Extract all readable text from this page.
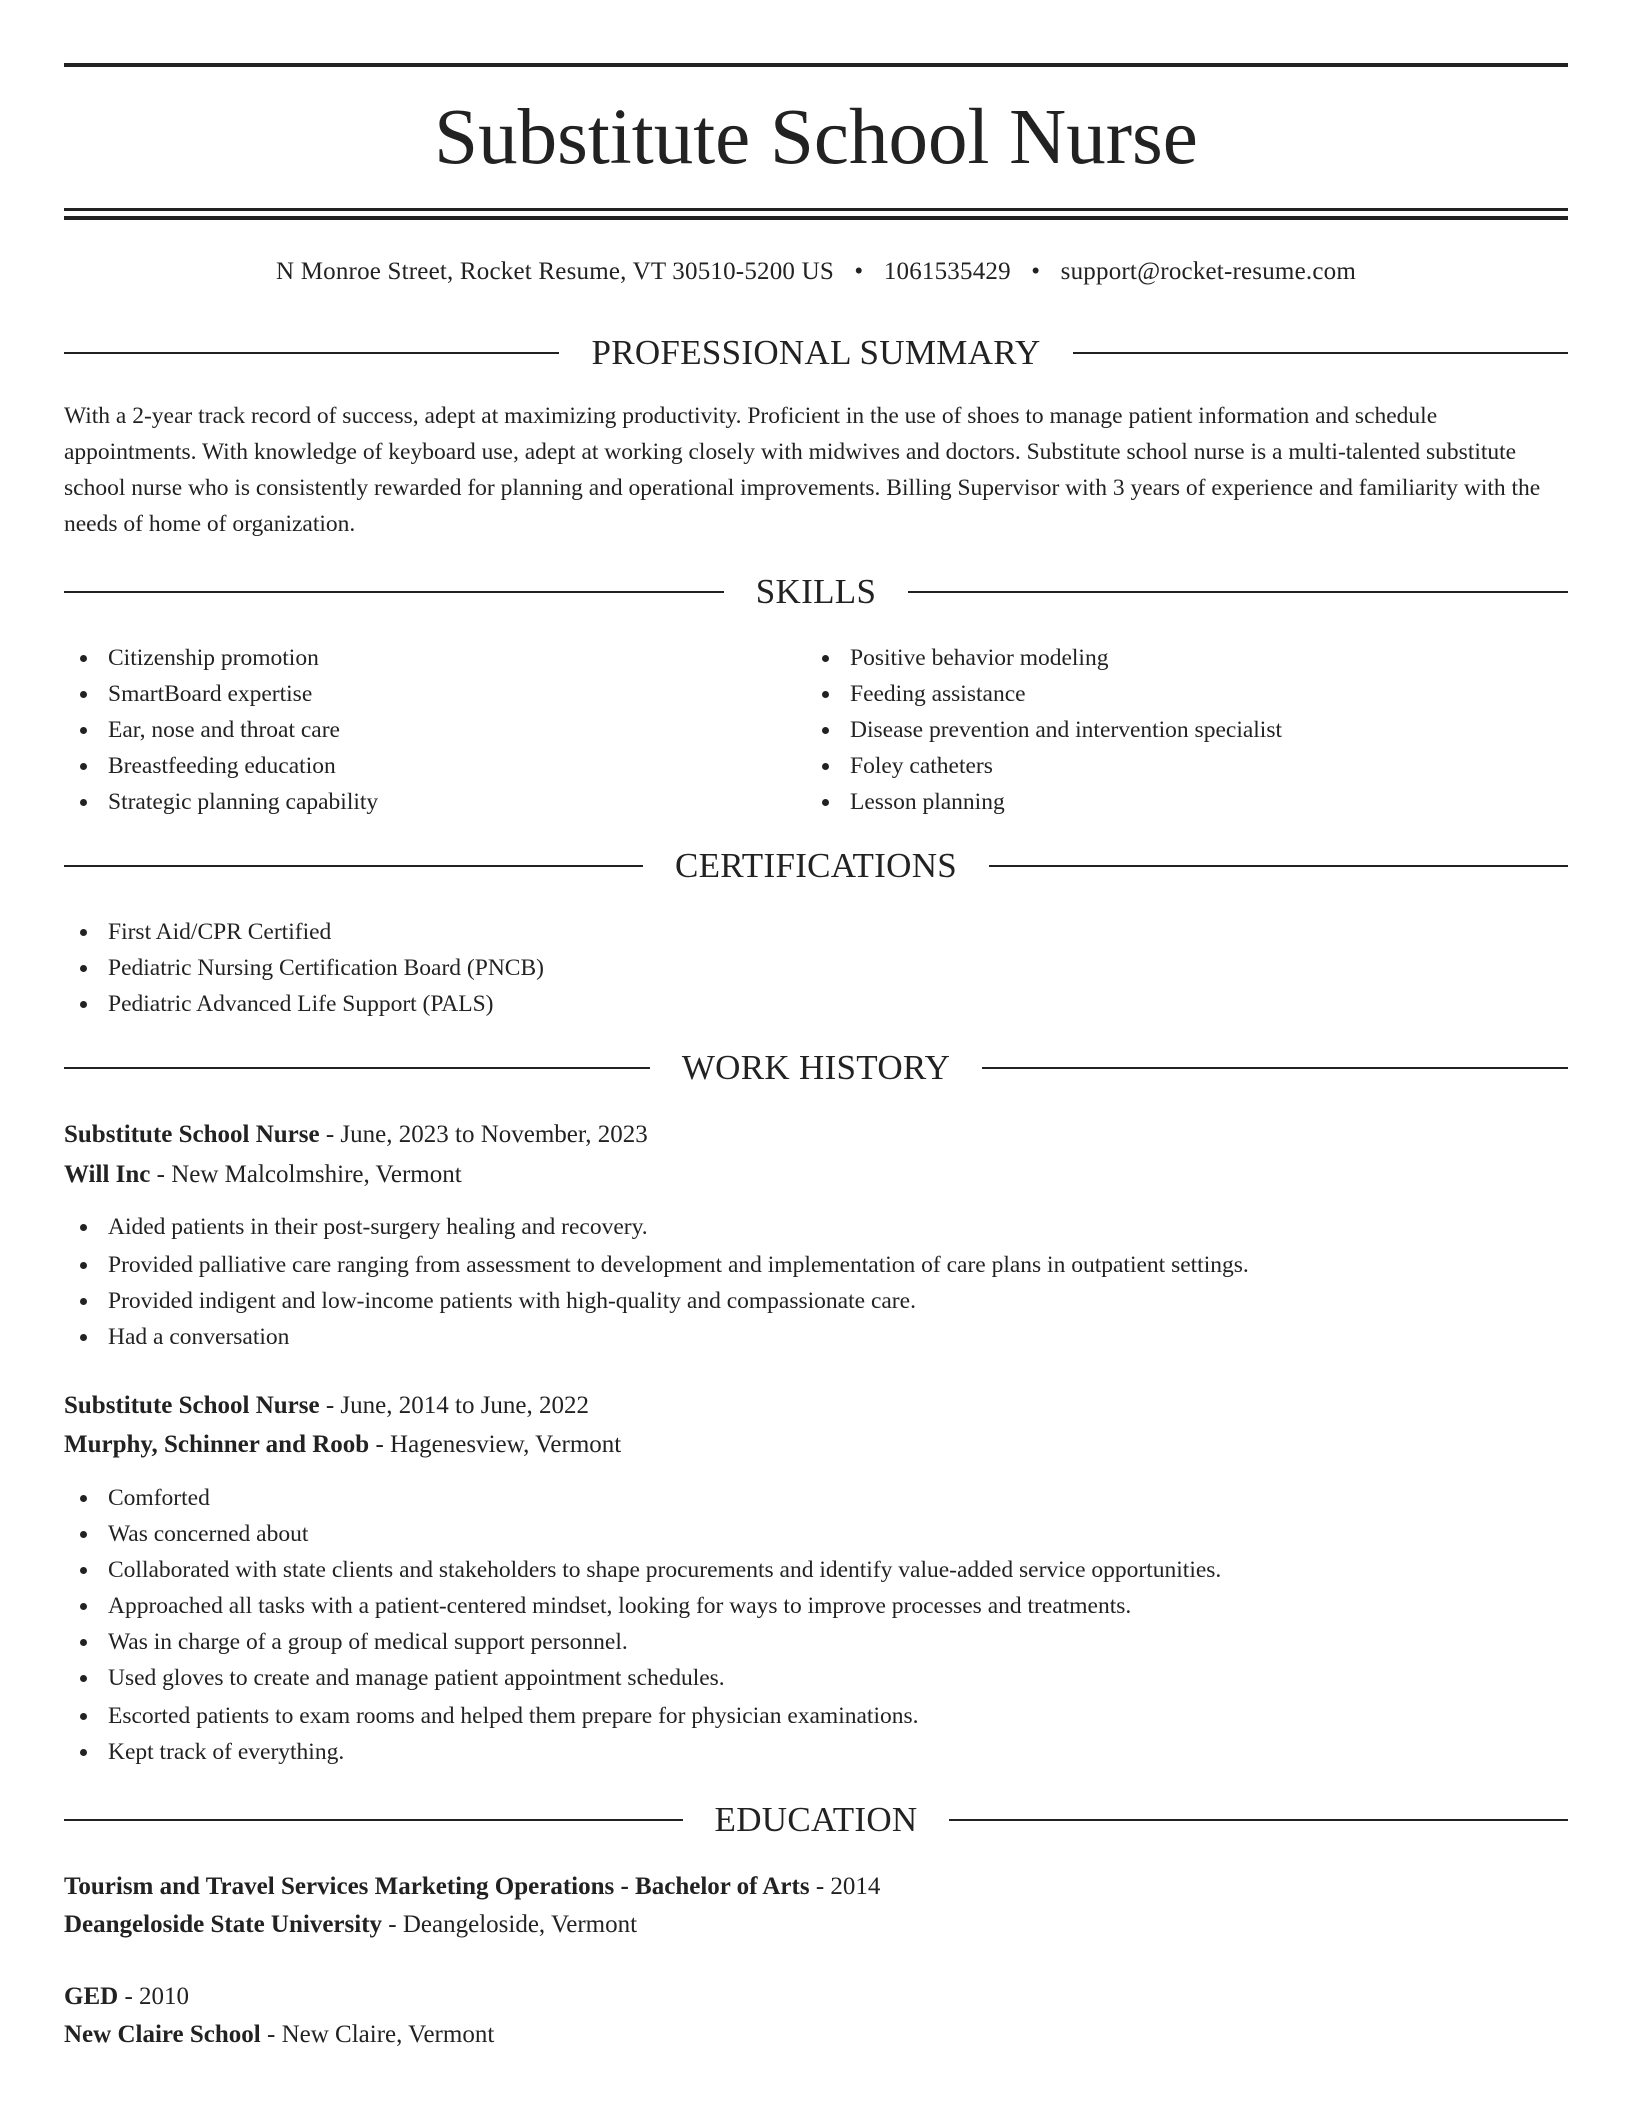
Substitute School Nurse
N Monroe Street, Rocket Resume, VT 30510-5200 US • 1061535429 • support@rocket-resume.com
PROFESSIONAL SUMMARY

With a 2-year track record of success, adept at maximizing productivity. Proficient in the use of shoes to manage patient information and schedule appointments. With knowledge of keyboard use, adept at working closely with midwives and doctors. Substitute school nurse is a multi-talented substitute school nurse who is consistently rewarded for planning and operational improvements. Billing Supervisor with 3 years of experience and familiarity with the needs of home of organization.

SKILLS
Citizenship promotion
SmartBoard expertise
Ear, nose and throat care
Breastfeeding education
Strategic planning capability
Positive behavior modeling
Feeding assistance
Disease prevention and intervention specialist
Foley catheters
Lesson planning
CERTIFICATIONS
First Aid/CPR Certified
Pediatric Nursing Certification Board (PNCB)
Pediatric Advanced Life Support (PALS)
WORK HISTORY
Substitute School Nurse - June, 2023 to November, 2023
Will Inc - New Malcolmshire, Vermont
Aided patients in their post-surgery healing and recovery.
Provided palliative care ranging from assessment to development and implementation of care plans in outpatient settings.
Provided indigent and low-income patients with high-quality and compassionate care.
Had a conversation
Substitute School Nurse - June, 2014 to June, 2022
Murphy, Schinner and Roob - Hagenesview, Vermont
Comforted
Was concerned about
Collaborated with state clients and stakeholders to shape procurements and identify value-added service opportunities.
Approached all tasks with a patient-centered mindset, looking for ways to improve processes and treatments.
Was in charge of a group of medical support personnel.
Used gloves to create and manage patient appointment schedules.
Escorted patients to exam rooms and helped them prepare for physician examinations.
Kept track of everything.
EDUCATION
Tourism and Travel Services Marketing Operations - Bachelor of Arts - 2014
Deangeloside State University - Deangeloside, Vermont
GED - 2010
New Claire School - New Claire, Vermont
